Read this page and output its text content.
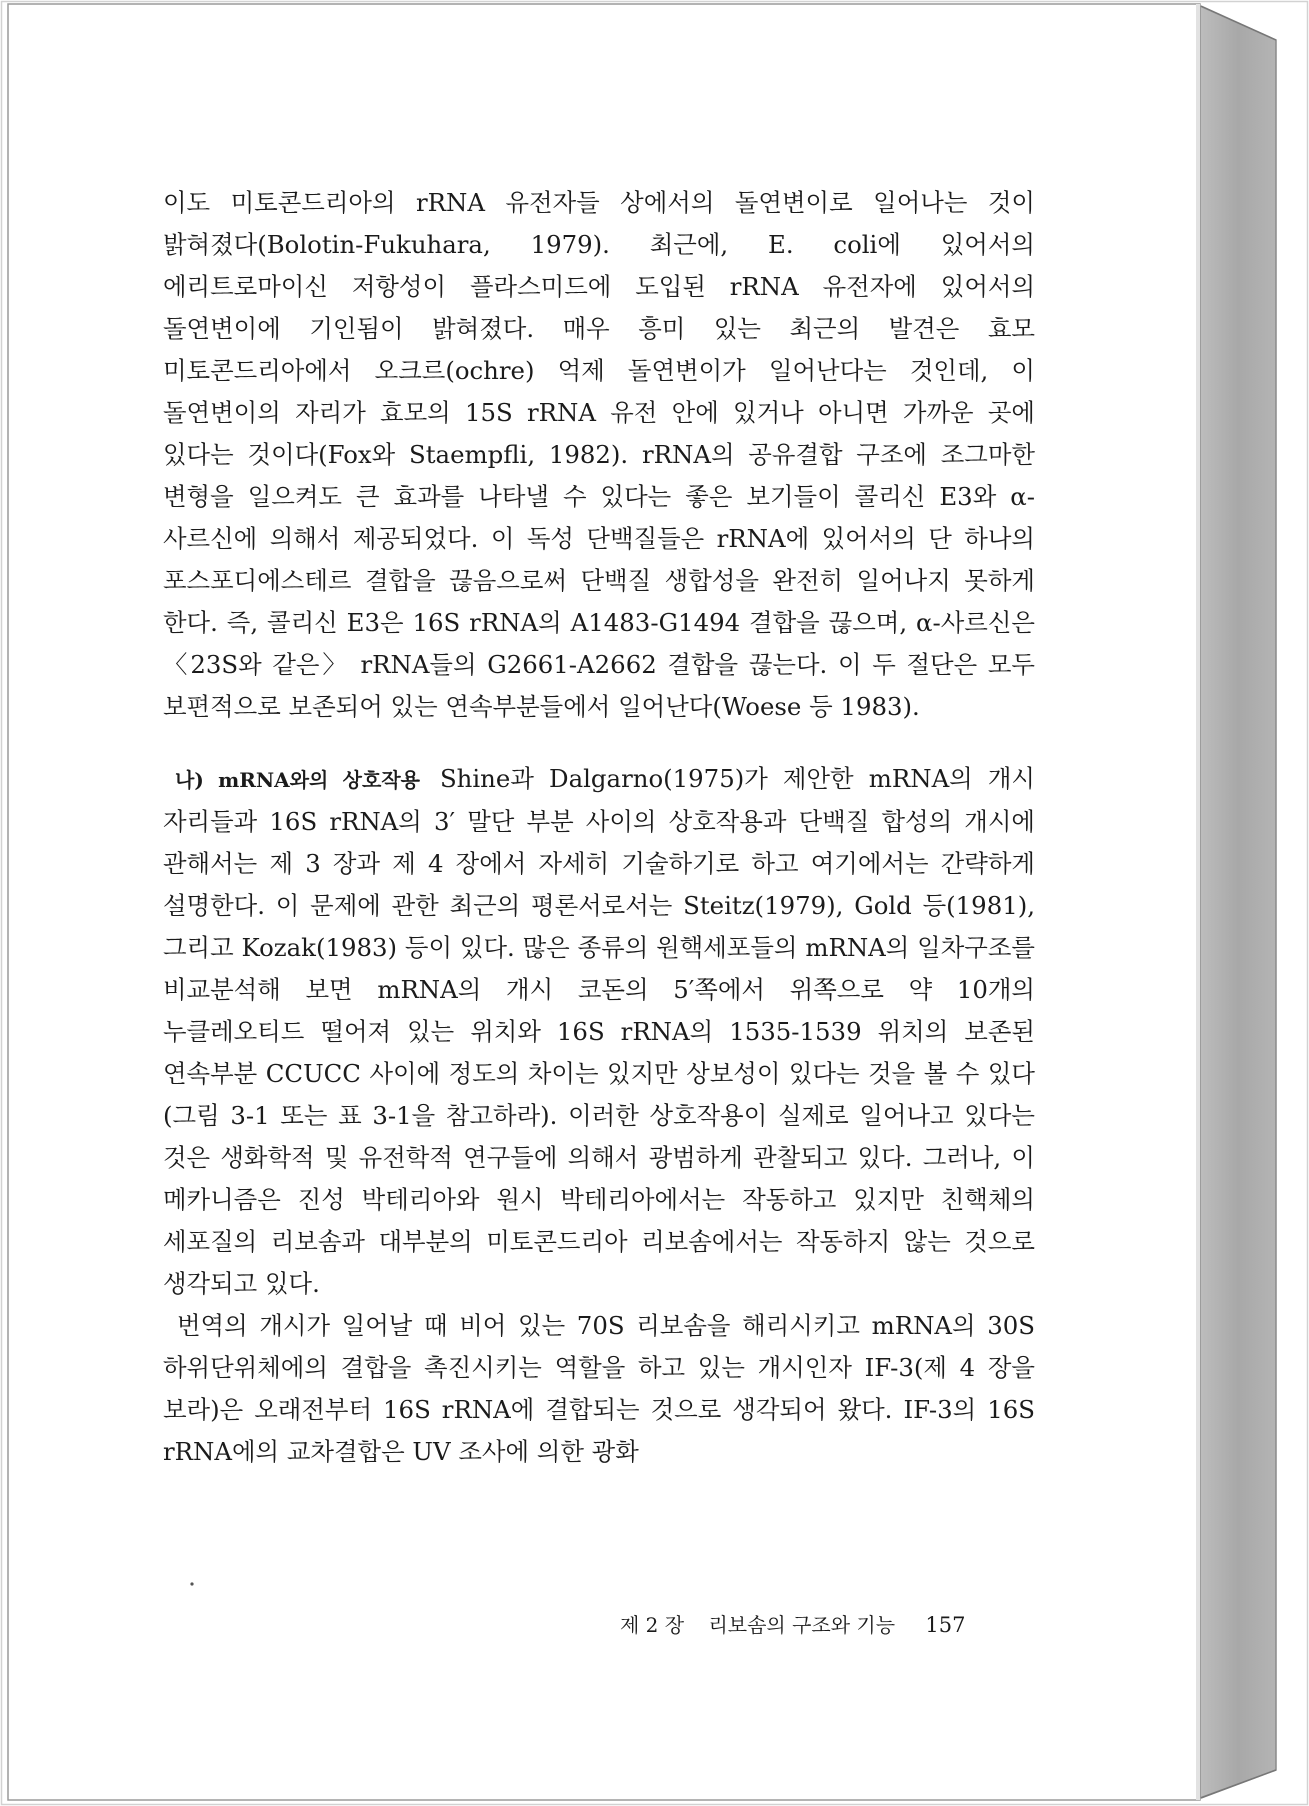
이도 미토콘드리아의 rRNA 유전자들 상에서의 돌연변이로 일어나는 것이 밝혀졌다(Bolotin-Fukuhara, 1979). 최근에, E. coli에 있어서의 에리트로마이신 저항성이 플라스미드에 도입된 rRNA 유전자에 있어서의 돌연변이에 기인됨이 밝혀졌다. 매우 흥미 있는 최근의 발견은 효모 미토콘드리아에서 오크르(ochre) 억제 돌연변이가 일어난다는 것인데, 이 돌연변이의 자리가 효모의 15S rRNA 유전 안에 있거나 아니면 가까운 곳에 있다는 것이다(Fox와 Staempfli, 1982). rRNA의 공유결합 구조에 조그마한 변형을 일으켜도 큰 효과를 나타낼 수 있다는 좋은 보기들이 콜리신 E3와 α-사르신에 의해서 제공되었다. 이 독성 단백질들은 rRNA에 있어서의 단 하나의 포스포디에스테르 결합을 끊음으로써 단백질 생합성을 완전히 일어나지 못하게 한다. 즉, 콜리신 E3은 16S rRNA의 A1483-G1494 결합을 끊으며, α-사르신은 〈23S와 같은〉 rRNA들의 G2661-A2662 결합을 끊는다. 이 두 절단은 모두 보편적으로 보존되어 있는 연속부분들에서 일어난다(Woese 등 1983).

나) mRNA와의 상호작용 Shine과 Dalgarno(1975)가 제안한 mRNA의 개시 자리들과 16S rRNA의 3′ 말단 부분 사이의 상호작용과 단백질 합성의 개시에 관해서는 제 3 장과 제 4 장에서 자세히 기술하기로 하고 여기에서는 간략하게 설명한다. 이 문제에 관한 최근의 평론서로서는 Steitz(1979), Gold 등(1981), 그리고 Kozak(1983) 등이 있다. 많은 종류의 원핵세포들의 mRNA의 일차구조를 비교분석해 보면 mRNA의 개시 코돈의 5′쪽에서 위쪽으로 약 10개의 누클레오티드 떨어져 있는 위치와 16S rRNA의 1535-1539 위치의 보존된 연속부분 CCUCC 사이에 정도의 차이는 있지만 상보성이 있다는 것을 볼 수 있다(그림 3-1 또는 표 3-1을 참고하라). 이러한 상호작용이 실제로 일어나고 있다는 것은 생화학적 및 유전학적 연구들에 의해서 광범하게 관찰되고 있다. 그러나, 이 메카니즘은 진성 박테리아와 원시 박테리아에서는 작동하고 있지만 친핵체의 세포질의 리보솜과 대부분의 미토콘드리아 리보솜에서는 작동하지 않는 것으로 생각되고 있다.

번역의 개시가 일어날 때 비어 있는 70S 리보솜을 해리시키고 mRNA의 30S 하위단위체에의 결합을 촉진시키는 역할을 하고 있는 개시인자 IF-3(제 4 장을 보라)은 오래전부터 16S rRNA에 결합되는 것으로 생각되어 왔다. IF-3의 16S rRNA에의 교차결합은 UV 조사에 의한 광화

제 2 장 리보솜의 구조와 기능 157
